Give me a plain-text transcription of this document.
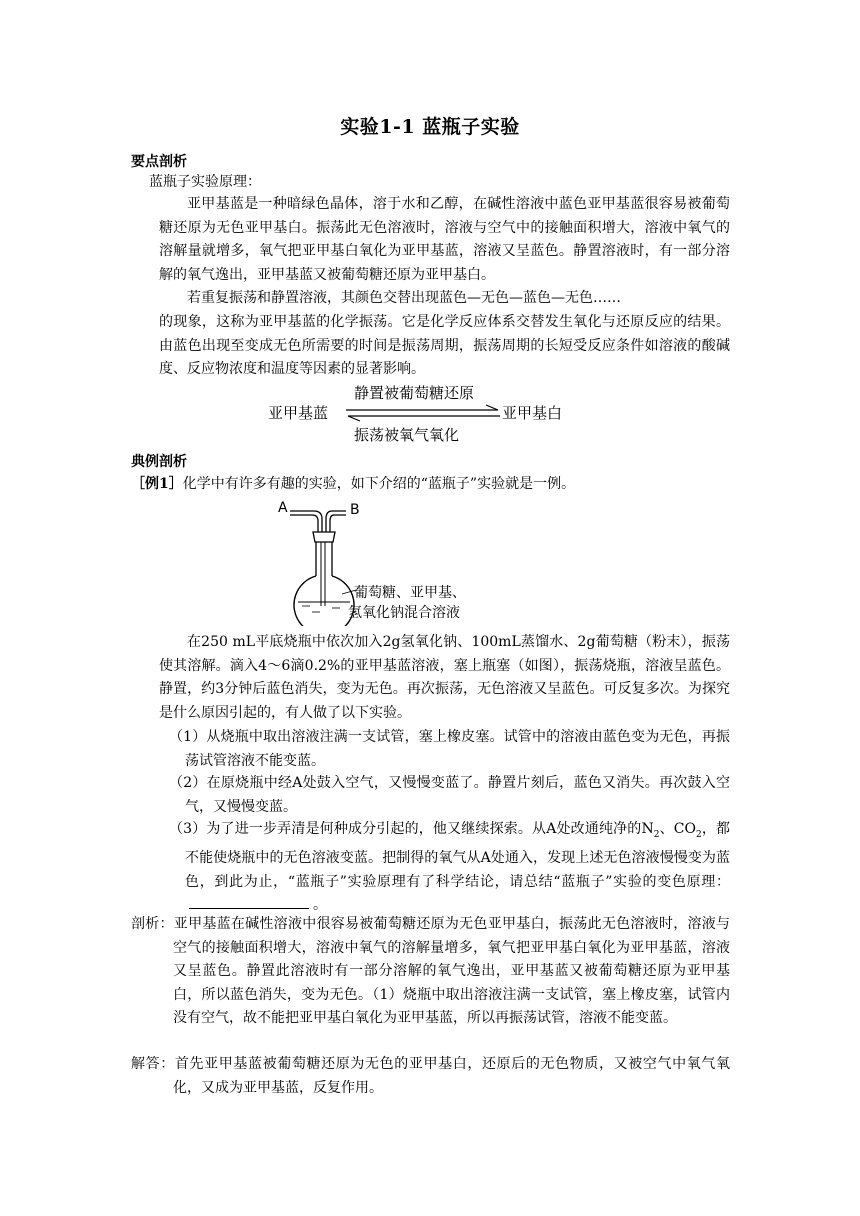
实验1-1 蓝瓶子实验
要点剖析
蓝瓶子实验原理：
亚甲基蓝是一种暗绿色晶体，溶于水和乙醇，在碱性溶液中蓝色亚甲基蓝很容易被葡萄糖还原为无色亚甲基白。振荡此无色溶液时，溶液与空气中的接触面积增大，溶液中氧气的溶解量就增多，氧气把亚甲基白氧化为亚甲基蓝，溶液又呈蓝色。静置溶液时，有一部分溶解的氧气逸出，亚甲基蓝又被葡萄糖还原为亚甲基白。
若重复振荡和静置溶液，其颜色交替出现蓝色—无色—蓝色—无色……
的现象，这称为亚甲基蓝的化学振荡。它是化学反应体系交替发生氧化与还原反应的结果。由蓝色出现至变成无色所需要的时间是振荡周期，振荡周期的长短受反应条件如溶液的酸碱度、反应物浓度和温度等因素的显著影响。
亚甲基蓝
静置被葡萄糖还原
振荡被氧气氧化
亚甲基白
典例剖析
［例1］化学中有许多有趣的实验，如下介绍的“蓝瓶子”实验就是一例。
A	B
葡萄糖、亚甲基、
氢氧化钠混合溶液
在250 mL平底烧瓶中依次加入2g氢氧化钠、100mL蒸馏水、2g葡萄糖（粉末），振荡使其溶解。滴入4～6滴0.2%的亚甲基蓝溶液，塞上瓶塞（如图），振荡烧瓶，溶液呈蓝色。静置，约3分钟后蓝色消失，变为无色。再次振荡，无色溶液又呈蓝色。可反复多次。为探究是什么原因引起的，有人做了以下实验。
（1）从烧瓶中取出溶液注满一支试管，塞上橡皮塞。试管中的溶液由蓝色变为无色，再振荡试管溶液不能变蓝。
（2）在原烧瓶中经A处鼓入空气，又慢慢变蓝了。静置片刻后，蓝色又消失。再次鼓入空气，又慢慢变蓝。
（3）为了进一步弄清是何种成分引起的，他又继续探索。从A处改通纯净的$N_2$、$CO_2$，都不能使烧瓶中的无色溶液变蓝。把制得的氧气从A处通入，发现上述无色溶液慢慢变为蓝色，到此为止，“蓝瓶子”实验原理有了科学结论，请总结“蓝瓶子”实验的变色原理：。
剖析：亚甲基蓝在碱性溶液中很容易被葡萄糖还原为无色亚甲基白，振荡此无色溶液时，溶液与空气的接触面积增大，溶液中氧气的溶解量增多，氧气把亚甲基白氧化为亚甲基蓝，溶液又呈蓝色。静置此溶液时有一部分溶解的氧气逸出，亚甲基蓝又被葡萄糖还原为亚甲基白，所以蓝色消失，变为无色。（1）烧瓶中取出溶液注满一支试管，塞上橡皮塞，试管内没有空气，故不能把亚甲基白氧化为亚甲基蓝，所以再振荡试管，溶液不能变蓝。
解答：首先亚甲基蓝被葡萄糖还原为无色的亚甲基白，还原后的无色物质，又被空气中氧气氧化，又成为亚甲基蓝，反复作用。
